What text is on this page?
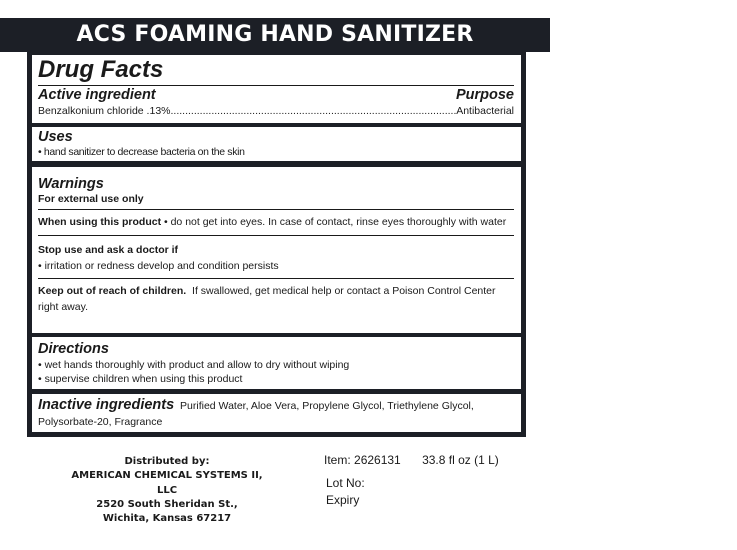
ACS FOAMING HAND SANITIZER
Drug Facts
Active ingredient	Purpose
Benzalkonium chloride .13%
.....	Antibacterial
Uses
• hand sanitizer to decrease bacteria on the skin
Warnings
For external use only
When using this product • do not get into eyes. In case of contact, rinse eyes thoroughly with water
Stop use and ask a doctor if
• irritation or redness develop and condition persists
Keep out of reach of children. If swallowed, get medical help or contact a Poison Control Center right away.
Directions
• wet hands thoroughly with product and allow to dry without wiping
• supervise children when using this product
Inactive ingredients Purified Water, Aloe Vera, Propylene Glycol, Triethylene Glycol, Polysorbate-20, Fragrance
Distributed by:
AMERICAN CHEMICAL SYSTEMS II, LLC
2520 South Sheridan St.,
Wichita, Kansas 67217
Item: 2626131 33.8 fl oz (1 L)
Lot No:
Expiry
